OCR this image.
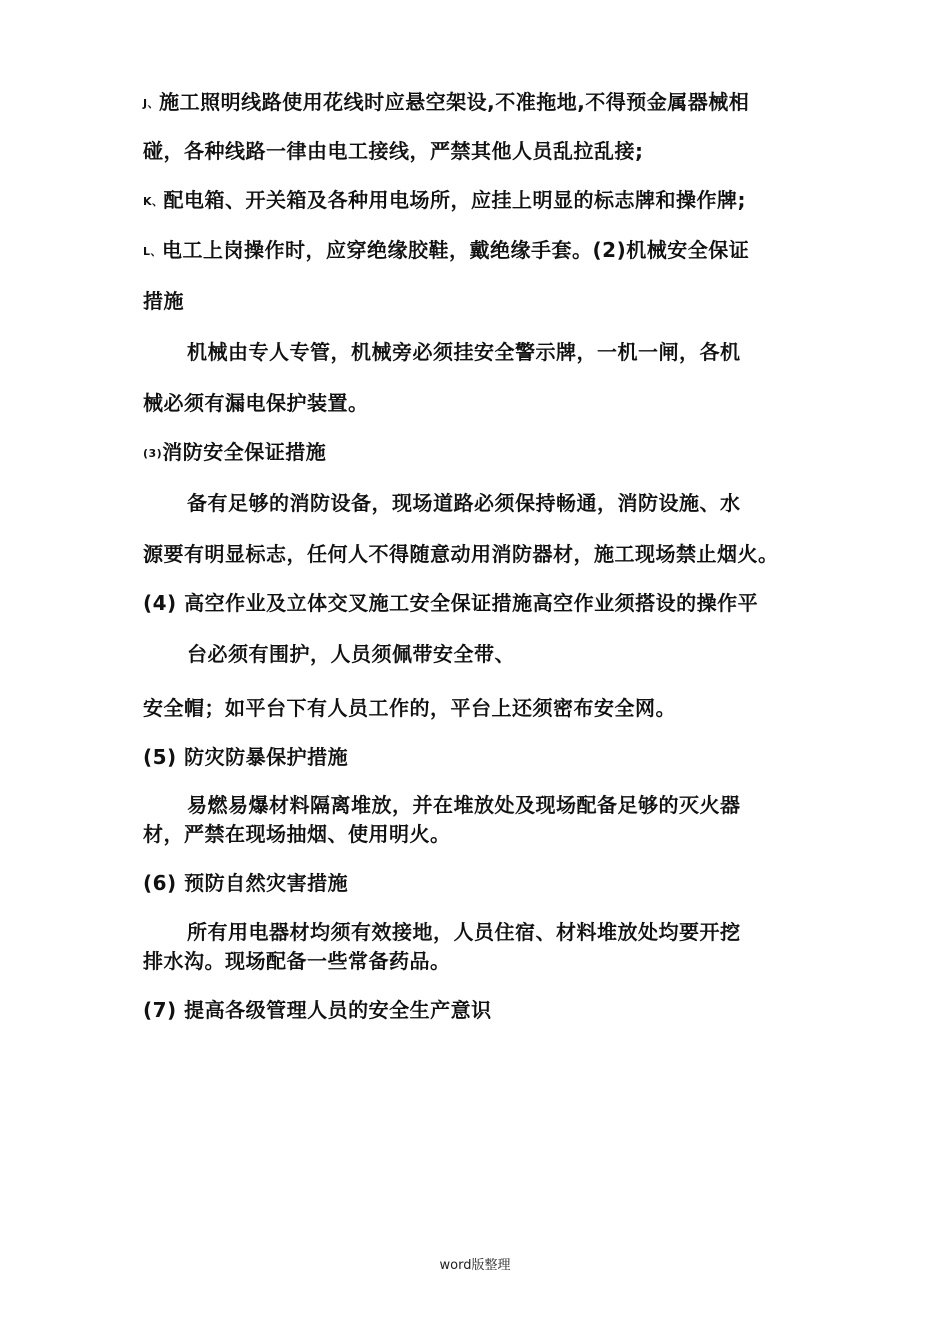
J、施工照明线路使用花线时应悬空架设,不准拖地,不得预金属器械相
碰，各种线路一律由电工接线，严禁其他人员乱拉乱接;
K、配电箱、开关箱及各种用电场所，应挂上明显的标志牌和操作牌;
L、电工上岗操作时，应穿绝缘胶鞋，戴绝缘手套。(2)机械安全保证
措施
机械由专人专管，机械旁必须挂安全警示牌，一机一闸，各机
械必须有漏电保护装置。
(3)消防安全保证措施
备有足够的消防设备，现场道路必须保持畅通，消防设施、水
源要有明显标志，任何人不得随意动用消防器材，施工现场禁止烟火。
(4) 高空作业及立体交叉施工安全保证措施高空作业须搭设的操作平
台必须有围护，人员须佩带安全带、
安全帽；如平台下有人员工作的，平台上还须密布安全网。
(5) 防灾防暴保护措施
易燃易爆材料隔离堆放，并在堆放处及现场配备足够的灭火器
材，严禁在现场抽烟、使用明火。
(6) 预防自然灾害措施
所有用电器材均须有效接地，人员住宿、材料堆放处均要开挖
排水沟。现场配备一些常备药品。
(7) 提高各级管理人员的安全生产意识
word版整理
